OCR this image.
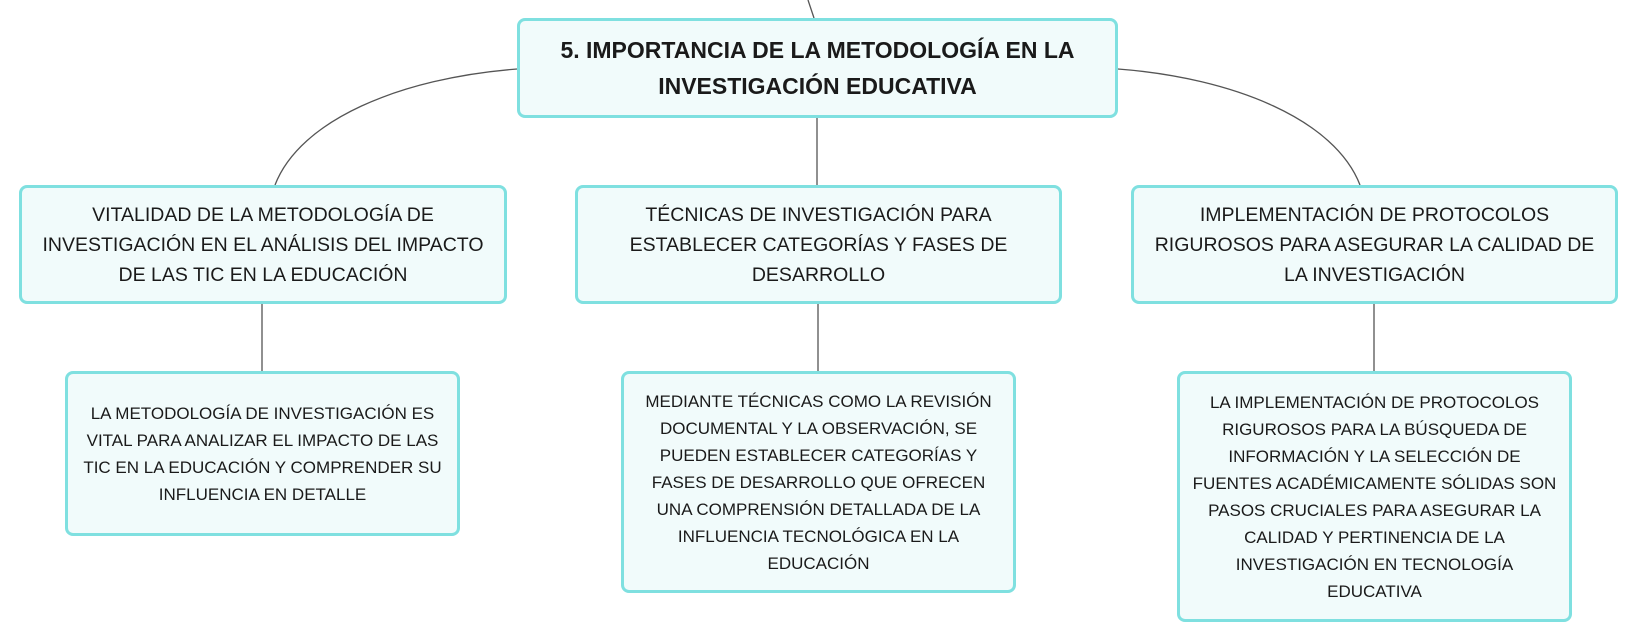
5. IMPORTANCIA DE LA METODOLOGÍA EN LA INVESTIGACIÓN EDUCATIVA
VITALIDAD DE LA METODOLOGÍA DE INVESTIGACIÓN EN EL ANÁLISIS DEL IMPACTO DE LAS TIC EN LA EDUCACIÓN
TÉCNICAS DE INVESTIGACIÓN PARA ESTABLECER CATEGORÍAS Y FASES DE DESARROLLO
IMPLEMENTACIÓN DE PROTOCOLOS RIGUROSOS PARA ASEGURAR LA CALIDAD DE LA INVESTIGACIÓN
LA METODOLOGÍA DE INVESTIGACIÓN ES VITAL PARA ANALIZAR EL IMPACTO DE LAS TIC EN LA EDUCACIÓN Y COMPRENDER SU INFLUENCIA EN DETALLE
MEDIANTE TÉCNICAS COMO LA REVISIÓN DOCUMENTAL Y LA OBSERVACIÓN, SE PUEDEN ESTABLECER CATEGORÍAS Y FASES DE DESARROLLO QUE OFRECEN UNA COMPRENSIÓN DETALLADA DE LA INFLUENCIA TECNOLÓGICA EN LA EDUCACIÓN
LA IMPLEMENTACIÓN DE PROTOCOLOS RIGUROSOS PARA LA BÚSQUEDA DE INFORMACIÓN Y LA SELECCIÓN DE FUENTES ACADÉMICAMENTE SÓLIDAS SON PASOS CRUCIALES PARA ASEGURAR LA CALIDAD Y PERTINENCIA DE LA INVESTIGACIÓN EN TECNOLOGÍA EDUCATIVA
